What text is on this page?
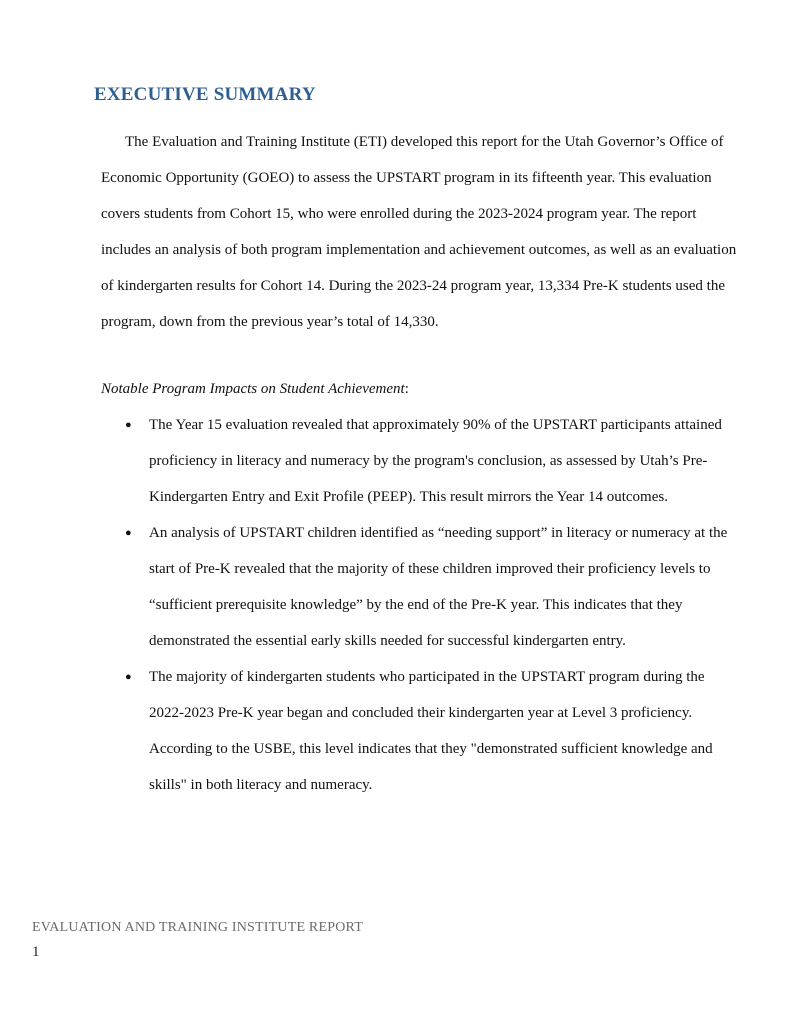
EXECUTIVE SUMMARY

The Evaluation and Training Institute (ETI) developed this report for the Utah Governor’s Office of Economic Opportunity (GOEO) to assess the UPSTART program in its fifteenth year. This evaluation covers students from Cohort 15, who were enrolled during the 2023-2024 program year. The report includes an analysis of both program implementation and achievement outcomes, as well as an evaluation of kindergarten results for Cohort 14. During the 2023-24 program year, 13,334 Pre-K students used the program, down from the previous year’s total of 14,330.

Notable Program Impacts on Student Achievement:

● The Year 15 evaluation revealed that approximately 90% of the UPSTART participants attained proficiency in literacy and numeracy by the program's conclusion, as assessed by Utah’s Pre-Kindergarten Entry and Exit Profile (PEEP). This result mirrors the Year 14 outcomes.
● An analysis of UPSTART children identified as “needing support” in literacy or numeracy at the start of Pre-K revealed that the majority of these children improved their proficiency levels to “sufficient prerequisite knowledge” by the end of the Pre-K year. This indicates that they demonstrated the essential early skills needed for successful kindergarten entry.
● The majority of kindergarten students who participated in the UPSTART program during the 2022-2023 Pre-K year began and concluded their kindergarten year at Level 3 proficiency. According to the USBE, this level indicates that they "demonstrated sufficient knowledge and skills" in both literacy and numeracy.

EVALUATION AND TRAINING INSTITUTE REPORT

1
